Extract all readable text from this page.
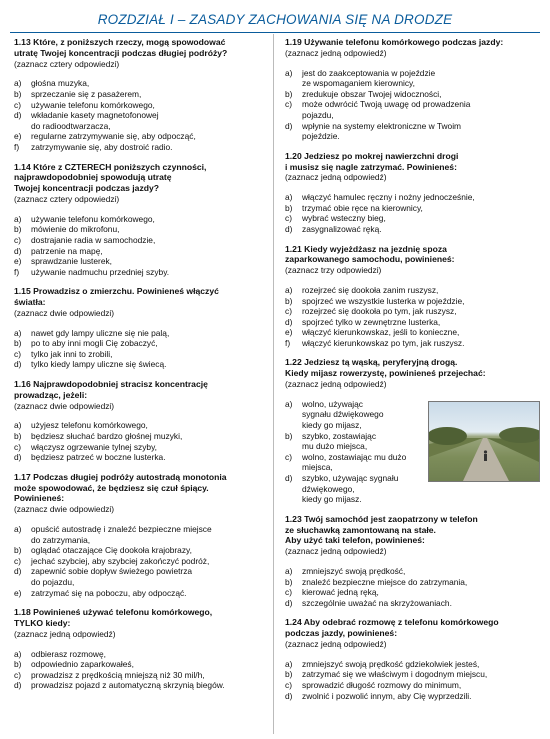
ROZDZIAŁ I – ZASADY ZACHOWANIA SIĘ NA DRODZE
1.13 Które, z poniższych rzeczy, mogą spowodować
utratę Twojej koncentracji podczas długiej podróży?
(zaznacz cztery odpowiedzi)
a)	głośna muzyka,
b)	sprzeczanie się z pasażerem,
c)	używanie telefonu komórkowego,
d)	wkładanie kasety magnetofonowej
do radioodtwarzacza,
e)	regularne zatrzymywanie się, aby odpocząć,
f)	zatrzymywanie się, aby dostroić radio.
1.14 Które z CZTERECH poniższych czynności,
najprawdopodobniej spowodują utratę
Twojej koncentracji podczas jazdy?
(zaznacz cztery odpowiedzi)
a)	używanie telefonu komórkowego,
b)	mówienie do mikrofonu,
c)	dostrajanie radia w samochodzie,
d)	patrzenie na mapę,
e)	sprawdzanie lusterek,
f)	używanie nadmuchu przedniej szyby.
1.15 Prowadzisz o zmierzchu. Powinieneś włączyć
światła:
(zaznacz dwie odpowiedzi)
a)	nawet gdy lampy uliczne się nie palą,
b)	po to aby inni mogli Cię zobaczyć,
c)	tylko jak inni to zrobili,
d)	tylko kiedy lampy uliczne się świecą.
1.16 Najprawdopodobniej stracisz koncentrację
prowadząc, jeżeli:
(zaznacz dwie odpowiedzi)
a)	użyjesz telefonu komórkowego,
b)	będziesz słuchać bardzo głośnej muzyki,
c)	włączysz ogrzewanie tylnej szyby,
d)	będziesz patrzeć w boczne lusterka.
1.17 Podczas długiej podróży autostradą monotonia
może spowodować, że będziesz się czuł śpiący.
Powinieneś:
(zaznacz dwie odpowiedzi)
a)	opuścić autostradę i znaleźć bezpieczne miejsce
do zatrzymania,
b)	oglądać otaczające Cię dookoła krajobrazy,
c)	jechać szybciej, aby szybciej zakończyć podróż,
d)	zapewnić sobie dopływ świeżego powietrza
do pojazdu,
e)	zatrzymać się na poboczu, aby odpocząć.
1.18 Powinieneś używać telefonu komórkowego,
TYLKO kiedy:
(zaznacz jedną odpowiedź)
a)	odbierasz rozmowę,
b)	odpowiednio zaparkowałeś,
c)	prowadzisz z prędkością mniejszą niż 30 mil/h,
d)	prowadzisz pojazd z automatyczną skrzynią biegów.
1.19 Używanie telefonu komórkowego podczas jazdy:
(zaznacz jedną odpowiedź)
a)	jest do zaakceptowania w pojeździe
ze wspomaganiem kierownicy,
b)	zredukuje obszar Twojej widoczności,
c)	może odwrócić Twoją uwagę od prowadzenia
pojazdu,
d)	wpłynie na systemy elektroniczne w Twoim
pojeździe.
1.20 Jedziesz po mokrej nawierzchni drogi
i musisz się nagle zatrzymać. Powinieneś:
(zaznacz jedną odpowiedź)
a)	włączyć hamulec ręczny i nożny jednocześnie,
b)	trzymać obie ręce na kierownicy,
c)	wybrać wsteczny bieg,
d)	zasygnalizować ręką.
1.21 Kiedy wyjeżdżasz na jezdnię spoza
zaparkowanego samochodu, powinieneś:
(zaznacz trzy odpowiedzi)
a)	rozejrzeć się dookoła zanim ruszysz,
b)	spojrzeć we wszystkie lusterka w pojeździe,
c)	rozejrzeć się dookoła po tym, jak ruszysz,
d)	spojrzeć tylko w zewnętrzne lusterka,
e)	włączyć kierunkowskaz, jeśli to konieczne,
f)	włączyć kierunkowskaz po tym, jak ruszysz.
1.22 Jedziesz tą wąską, peryferyjną drogą.
Kiedy mijasz rowerzystę, powinieneś przejechać:
(zaznacz jedną odpowiedź)
a)	wolno, używając
sygnału dźwiękowego
kiedy go mijasz,
b)	szybko, zostawiając
mu dużo miejsca,
c)	wolno, zostawiając mu dużo miejsca,
d)	szybko, używając sygnału dźwiękowego,
kiedy go mijasz.
1.23 Twój samochód jest zaopatrzony w telefon
ze słuchawką zamontowaną na stałe.
Aby użyć taki telefon, powinieneś:
(zaznacz jedną odpowiedź)
a)	zmniejszyć swoją prędkość,
b)	znaleźć bezpieczne miejsce do zatrzymania,
c)	kierować jedną ręką,
d)	szczególnie uważać na skrzyżowaniach.
1.24 Aby odebrać rozmowę z telefonu komórkowego
podczas jazdy, powinieneś:
(zaznacz jedną odpowiedź)
a)	zmniejszyć swoją prędkość gdziekolwiek jesteś,
b)	zatrzymać się we właściwym i dogodnym miejscu,
c)	sprowadzić długość rozmowy do minimum,
d)	zwolnić i pozwolić innym, aby Cię wyprzedzili.
